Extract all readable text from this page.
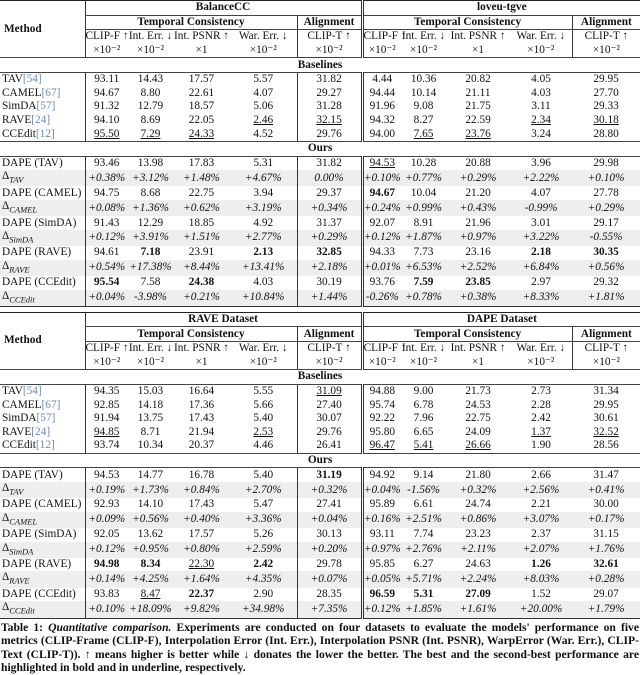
Method	BalanceCC					loveu-tgve				
	Temporal Consistency				Alignment	Temporal Consistency				Alignment
	CLIP-F ↑	Int. Err. ↓	Int. PSNR ↑	War. Err. ↓	CLIP-T ↑	CLIP-F ↑	Int. Err. ↓	Int. PSNR ↑	War. Err. ↓	CLIP-T ↑
	×10⁻²	×10⁻²	×1	×10⁻²	×10⁻²	×10⁻²	×10⁻²	×1	×10⁻²	×10⁻²
Baselines										
TAV[54]	93.11	14.43	17.57	5.57	31.82	4.44	10.36	20.82	4.05	29.95
CAMEL[67]	94.67	8.80	22.61	4.07	29.27	94.44	10.14	21.11	4.03	27.70
SimDA[57]	91.32	12.79	18.57	5.06	31.28	91.96	9.08	21.75	3.11	29.33
RAVE[24]	94.10	8.69	22.05	2.46	32.15	94.32	8.27	22.59	2.34	30.18
CCEdit[12]	95.50	7.29	24.33	4.52	29.76	94.00	7.65	23.76	3.24	28.80
Ours										
DAPE (TAV)	93.46	13.98	17.83	5.31	31.82	94.53	10.28	20.88	3.96	29.98
$\Delta_{TAV}$	+0.38%	+3.12%	+1.48%	+4.67%	0.00%	+0.10%	+0.77%	+0.29%	+2.22%	+0.10%
DAPE (CAMEL)	94.75	8.68	22.75	3.94	29.37	94.67	10.04	21.20	4.07	27.78
$\Delta_{CAMEL}$	+0.08%	+1.36%	+0.62%	+3.19%	+0.34%	+0.24%	+0.99%	+0.43%	-0.99%	+0.29%
DAPE (SimDA)	91.43	12.29	18.85	4.92	31.37	92.07	8.91	21.96	3.01	29.17
$\Delta_{SimDA}$	+0.12%	+3.91%	+1.51%	+2.77%	+0.29%	+0.12%	+1.87%	+0.97%	+3.22%	-0.55%
DAPE (RAVE)	94.61	7.18	23.91	2.13	32.85	94.33	7.73	23.16	2.18	30.35
$\Delta_{RAVE}$	+0.54%	+17.38%	+8.44%	+13.41%	+2.18%	+0.01%	+6.53%	+2.52%	+6.84%	+0.56%
DAPE (CCEdit)	95.54	7.58	24.38	4.03	30.19	93.76	7.59	23.85	2.97	29.32
$\Delta_{CCEdit}$	+0.04%	-3.98%	+0.21%	+10.84%	+1.44%	-0.26%	+0.78%	+0.38%	+8.33%	+1.81%
Method	RAVE Dataset					DAPE Dataset				
	Temporal Consistency				Alignment	Temporal Consistency				Alignment
	CLIP-F ↑	Int. Err. ↓	Int. PSNR ↑	War. Err. ↓	CLIP-T ↑	CLIP-F ↑	Int. Err. ↓	Int. PSNR ↑	War. Err. ↓	CLIP-T ↑
	×10⁻²	×10⁻²	×1	×10⁻²	×10⁻²	×10⁻²	×10⁻²	×1	×10⁻²	×10⁻²
Baselines										
TAV[54]	94.35	15.03	16.64	5.55	31.09	94.88	9.00	21.73	2.73	31.34
CAMEL[67]	92.85	14.18	17.36	5.66	27.40	95.74	6.78	24.53	2.28	29.95
SimDA[57]	91.94	13.75	17.43	5.40	30.07	92.22	7.96	22.75	2.42	30.61
RAVE[24]	94.85	8.71	21.94	2.53	29.76	95.80	6.65	24.09	1.37	32.52
CCEdit[12]	93.74	10.34	20.37	4.46	26.41	96.47	5.41	26.66	1.90	28.56
Ours										
DAPE (TAV)	94.53	14.77	16.78	5.40	31.19	94.92	9.14	21.80	2.66	31.47
$\Delta_{TAV}$	+0.19%	+1.73%	+0.84%	+2.70%	+0.32%	+0.04%	-1.56%	+0.32%	+2.56%	+0.41%
DAPE (CAMEL)	92.93	14.10	17.43	5.47	27.41	95.89	6.61	24.74	2.21	30.00
$\Delta_{CAMEL}$	+0.09%	+0.56%	+0.40%	+3.36%	+0.04%	+0.16%	+2.51%	+0.86%	+3.07%	+0.17%
DAPE (SimDA)	92.05	13.62	17.57	5.26	30.13	93.11	7.74	23.23	2.37	31.15
$\Delta_{SimDA}$	+0.12%	+0.95%	+0.80%	+2.59%	+0.20%	+0.97%	+2.76%	+2.11%	+2.07%	+1.76%
DAPE (RAVE)	94.98	8.34	22.30	2.42	29.78	95.85	6.27	24.63	1.26	32.61
$\Delta_{RAVE}$	+0.14%	+4.25%	+1.64%	+4.35%	+0.07%	+0.05%	+5.71%	+2.24%	+8.03%	+0.28%
DAPE (CCEdit)	93.83	8.47	22.37	2.90	28.35	96.59	5.31	27.09	1.52	29.07
$\Delta_{CCEdit}$	+0.10%	+18.09%	+9.82%	+34.98%	+7.35%	+0.12%	+1.85%	+1.61%	+20.00%	+1.79%

Table 1: Quantitative comparison. Experiments are conducted on four datasets to evaluate the models' performance on five metrics (CLIP-Frame (CLIP-F), Interpolation Error (Int. Err.), Interpolation PSNR (Int. PSNR), WarpError (War. Err.), CLIP-Text (CLIP-T)). ↑ means higher is better while ↓ donates the lower the better. The best and the second-best performance are highlighted in bold and in underline, respectively.
